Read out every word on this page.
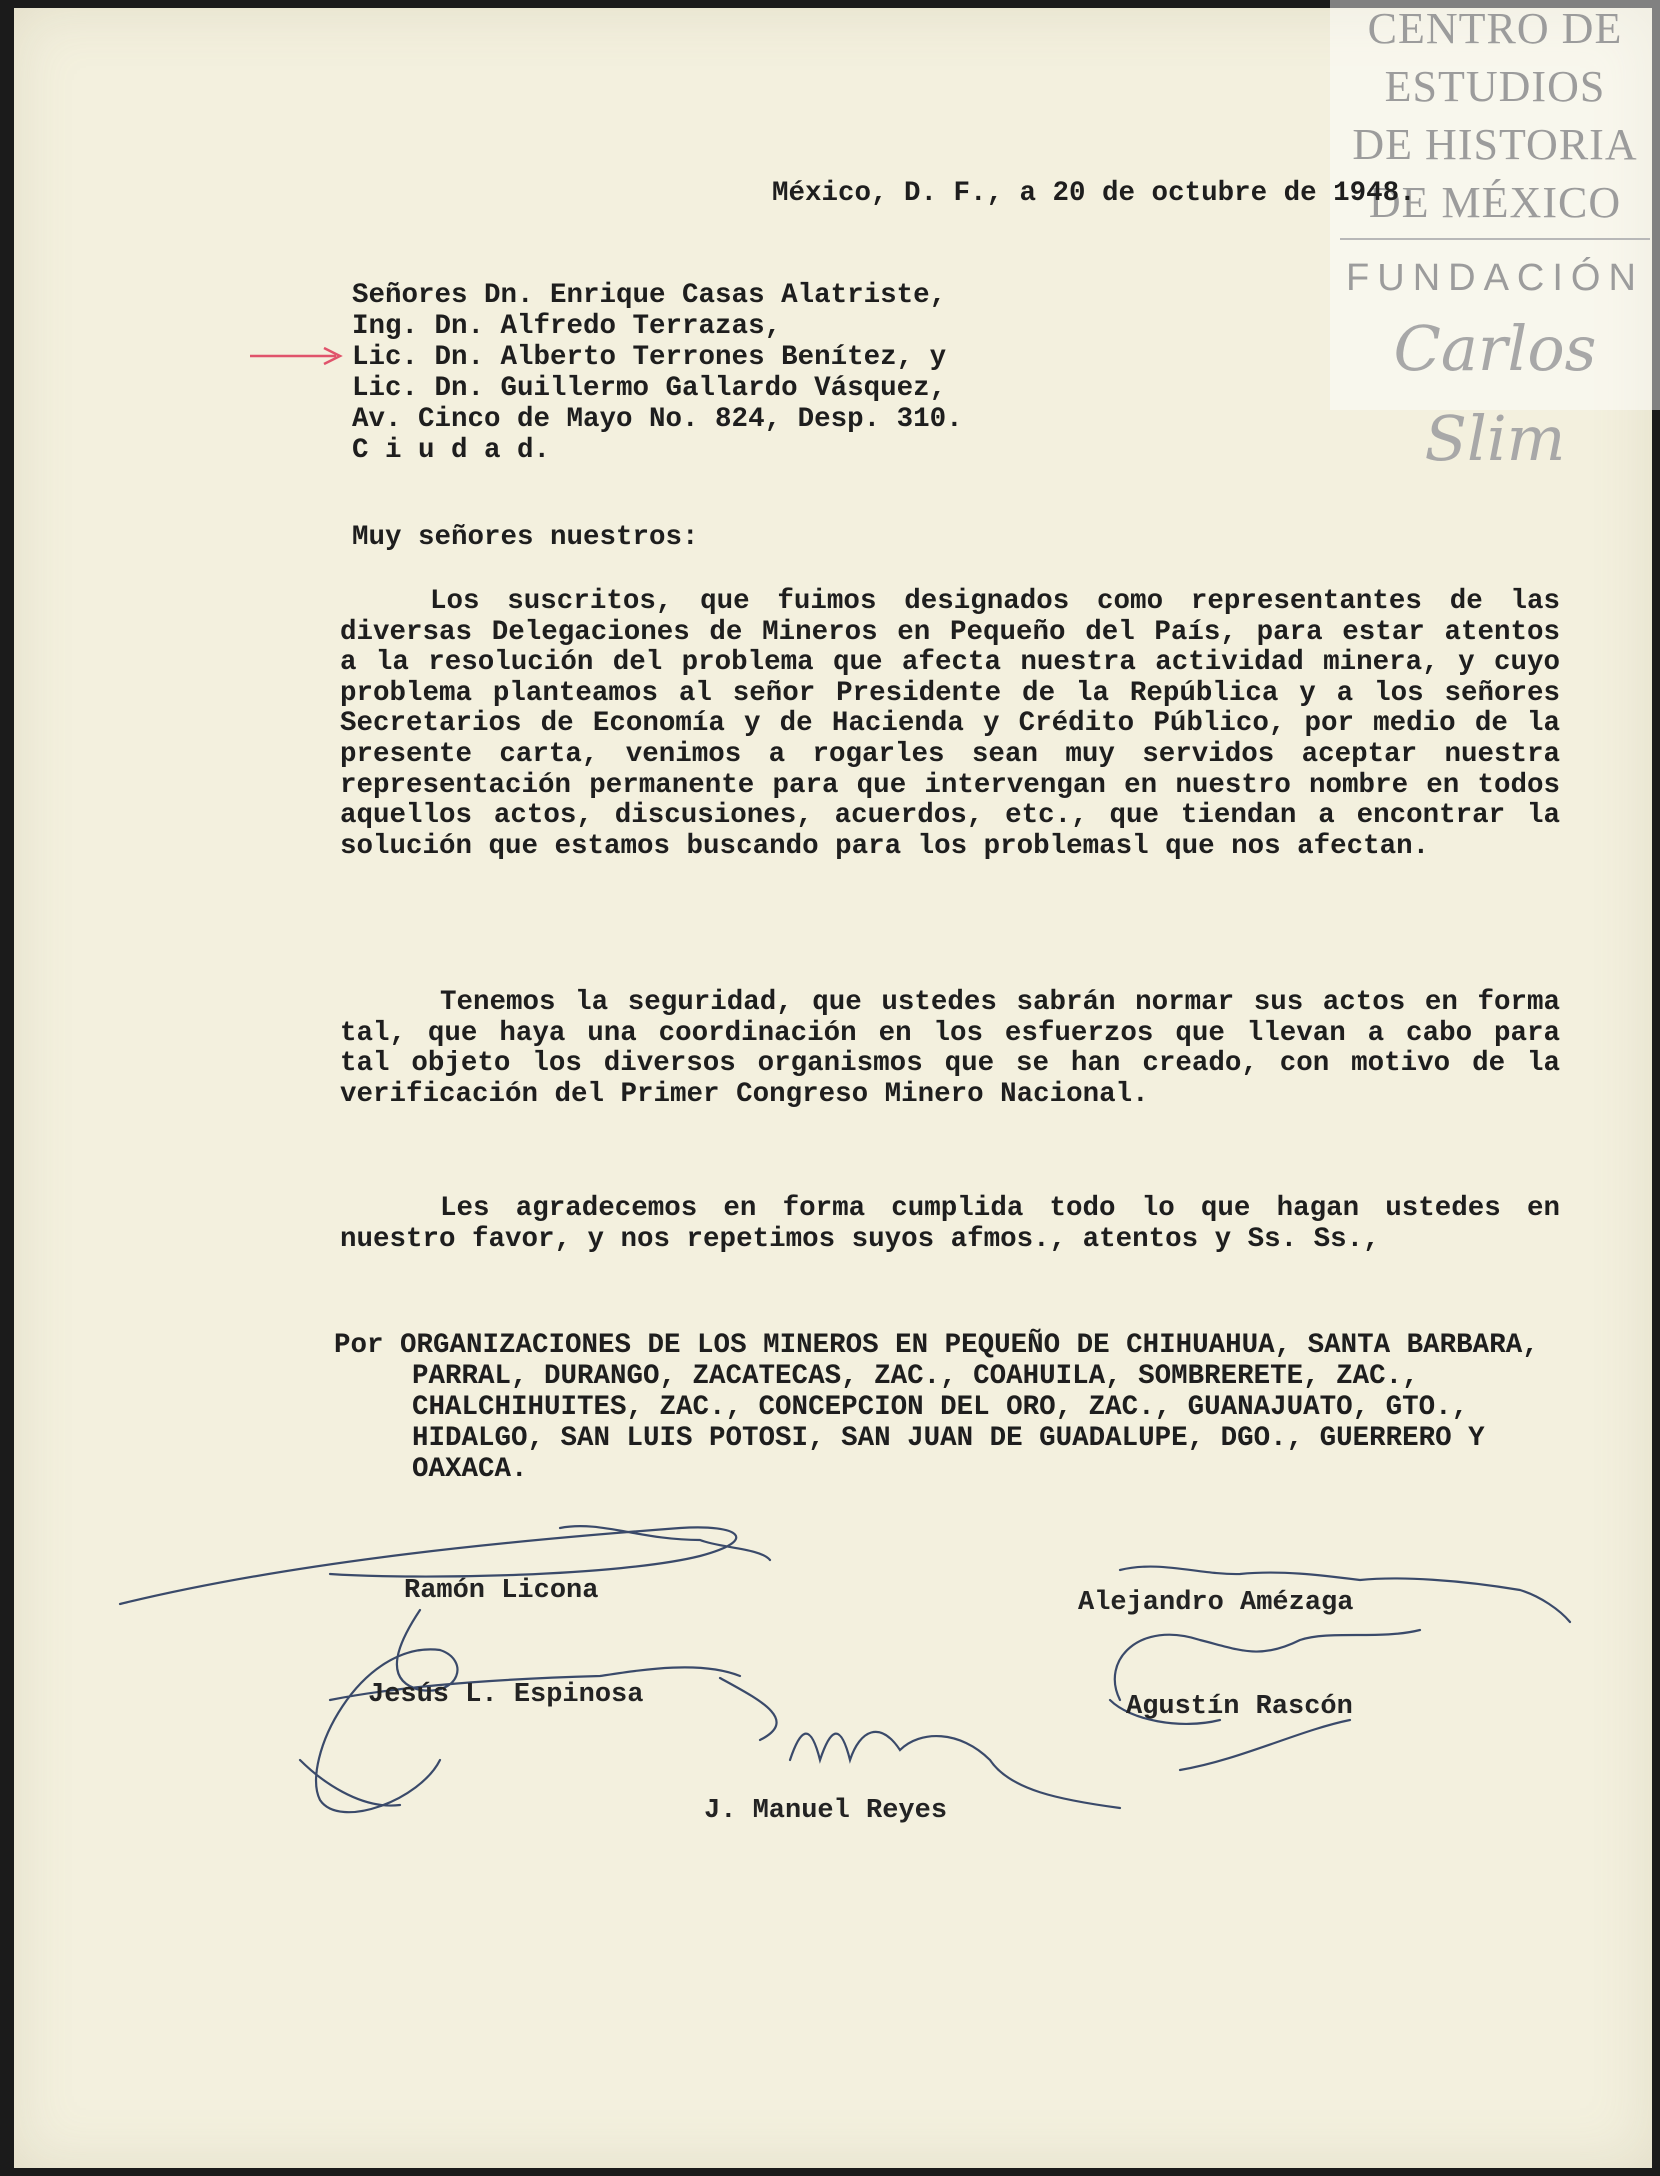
CENTRO DE
ESTUDIOS
DE HISTORIA
DE MÉXICO
FUNDACIÓN
Carlos Slim
México, D. F., a 20 de octubre de 1948.
Señores Dn. Enrique Casas Alatriste,
Ing. Dn. Alfredo Terrazas,
Lic. Dn. Alberto Terrones Benítez, y
Lic. Dn. Guillermo Gallardo Vásquez,
Av. Cinco de Mayo No. 824, Desp. 310.
C i u d a d.
Muy señores nuestros:
Los suscritos, que fuimos designados como representantes de las diversas Delegaciones de Mineros en Pequeño del País, para estar atentos a la resolución del problema que afecta nuestra actividad minera, y cuyo problema planteamos al señor Presidente de la República y a los señores Secretarios de Economía y de Hacienda y Crédito Público, por medio de la presente carta, venimos a rogarles sean muy servidos aceptar nuestra representación permanente para que intervengan en nuestro nombre en todos aquellos actos, discusiones, acuerdos, etc., que tiendan a encontrar la solución que estamos buscando para los problemasl que nos afectan.
Tenemos la seguridad, que ustedes sabrán normar sus actos en forma tal, que haya una coordinación en los esfuerzos que llevan a cabo para tal objeto los diversos organismos que se han creado, con motivo de la verificación del Primer Congreso Minero Nacional.
Les agradecemos en forma cumplida todo lo que hagan ustedes en nuestro favor, y nos repetimos suyos afmos., atentos y Ss. Ss.,
Por ORGANIZACIONES DE LOS MINEROS EN PEQUEÑO DE CHIHUAHUA, SANTA BARBARA, PARRAL, DURANGO, ZACATECAS, ZAC., COAHUILA, SOMBRERETE, ZAC., CHALCHIHUITES, ZAC., CONCEPCION DEL ORO, ZAC., GUANAJUATO, GTO., HIDALGO, SAN LUIS POTOSI, SAN JUAN DE GUADALUPE, DGO., GUERRERO Y OAXACA.
Ramón Licona	Alejandro Amézaga
Jesús L. Espinosa	Agustín Rascón
J. Manuel Reyes
